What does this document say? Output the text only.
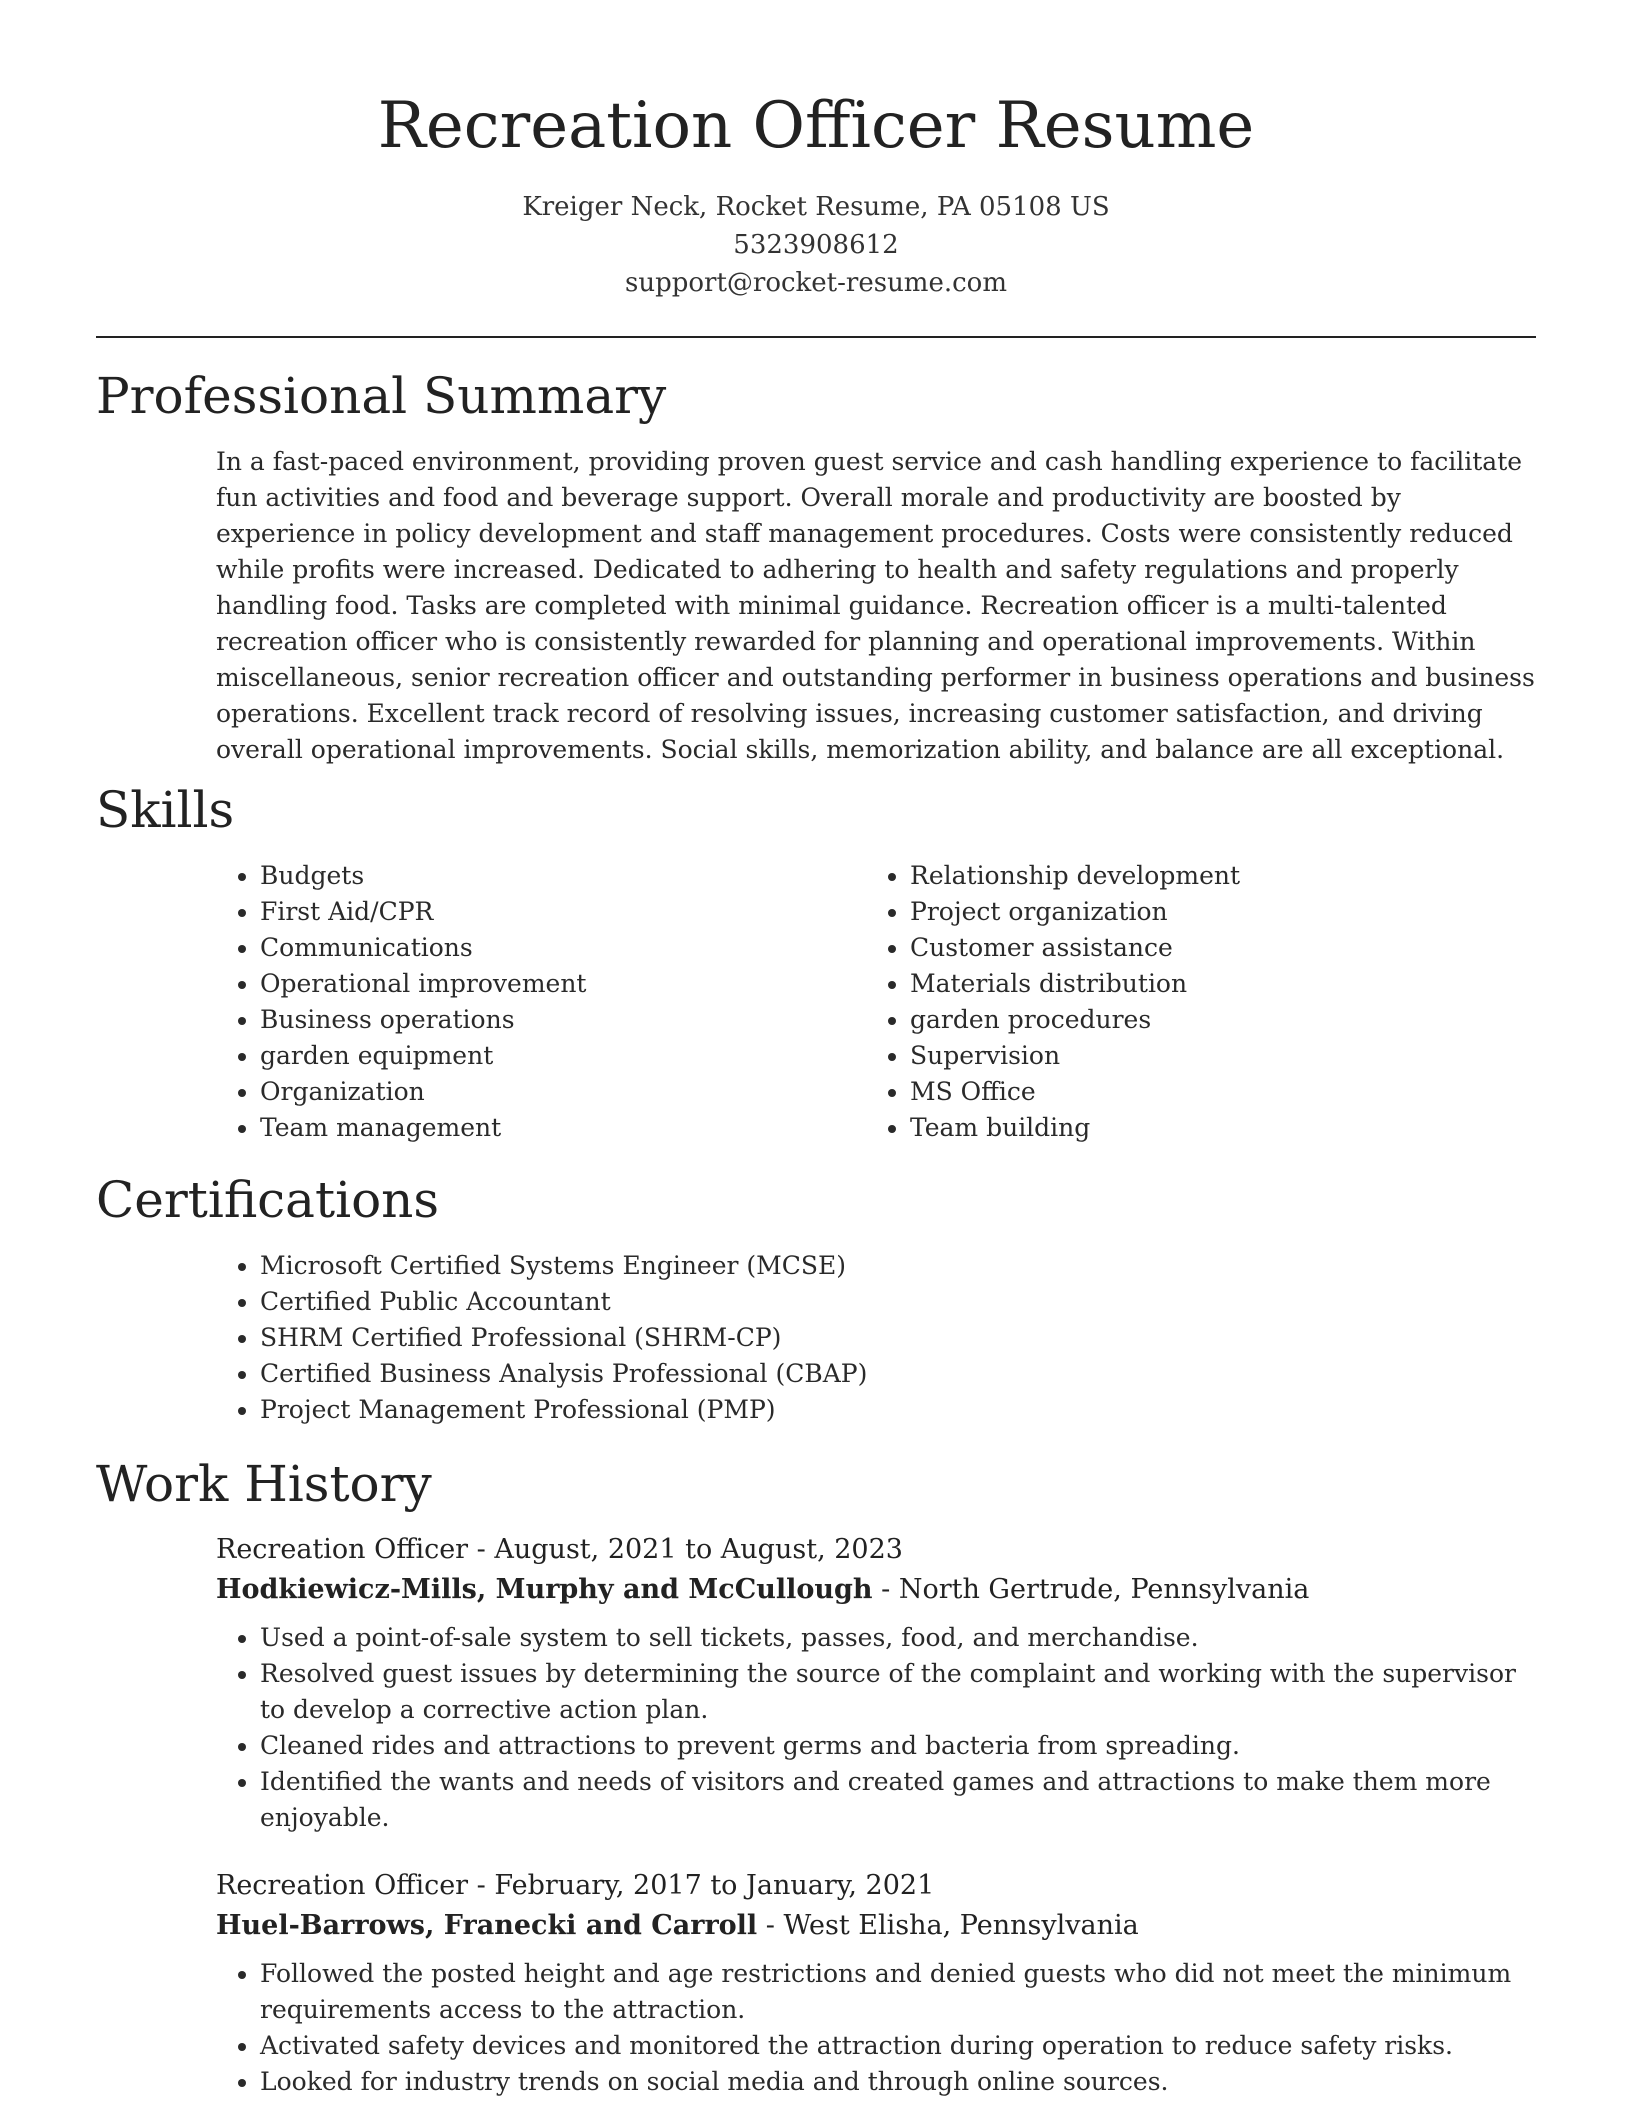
Recreation Officer Resume
Kreiger Neck, Rocket Resume, PA 05108 US
5323908612
support@rocket-resume.com
Professional Summary

In a fast-paced environment, providing proven guest service and cash handling experience to facilitate fun activities and food and beverage support. Overall morale and productivity are boosted by experience in policy development and staff management procedures. Costs were consistently reduced while profits were increased. Dedicated to adhering to health and safety regulations and properly handling food. Tasks are completed with minimal guidance. Recreation officer is a multi-talented recreation officer who is consistently rewarded for planning and operational improvements. Within miscellaneous, senior recreation officer and outstanding performer in business operations and business operations. Excellent track record of resolving issues, increasing customer satisfaction, and driving overall operational improvements. Social skills, memorization ability, and balance are all exceptional.

Skills
• Budgets
• First Aid/CPR
• Communications
• Operational improvement
• Business operations
• garden equipment
• Organization
• Team management
• Relationship development
• Project organization
• Customer assistance
• Materials distribution
• garden procedures
• Supervision
• MS Office
• Team building
Certifications
• Microsoft Certified Systems Engineer (MCSE)
• Certified Public Accountant
• SHRM Certified Professional (SHRM-CP)
• Certified Business Analysis Professional (CBAP)
• Project Management Professional (PMP)
Work History
Recreation Officer - August, 2021 to August, 2023
Hodkiewicz-Mills, Murphy and McCullough - North Gertrude, Pennsylvania
• Used a point-of-sale system to sell tickets, passes, food, and merchandise.
• Resolved guest issues by determining the source of the complaint and working with the supervisor to develop a corrective action plan.
• Cleaned rides and attractions to prevent germs and bacteria from spreading.
• Identified the wants and needs of visitors and created games and attractions to make them more enjoyable.
Recreation Officer - February, 2017 to January, 2021
Huel-Barrows, Franecki and Carroll - West Elisha, Pennsylvania
• Followed the posted height and age restrictions and denied guests who did not meet the minimum requirements access to the attraction.
• Activated safety devices and monitored the attraction during operation to reduce safety risks.
• Looked for industry trends on social media and through online sources.
